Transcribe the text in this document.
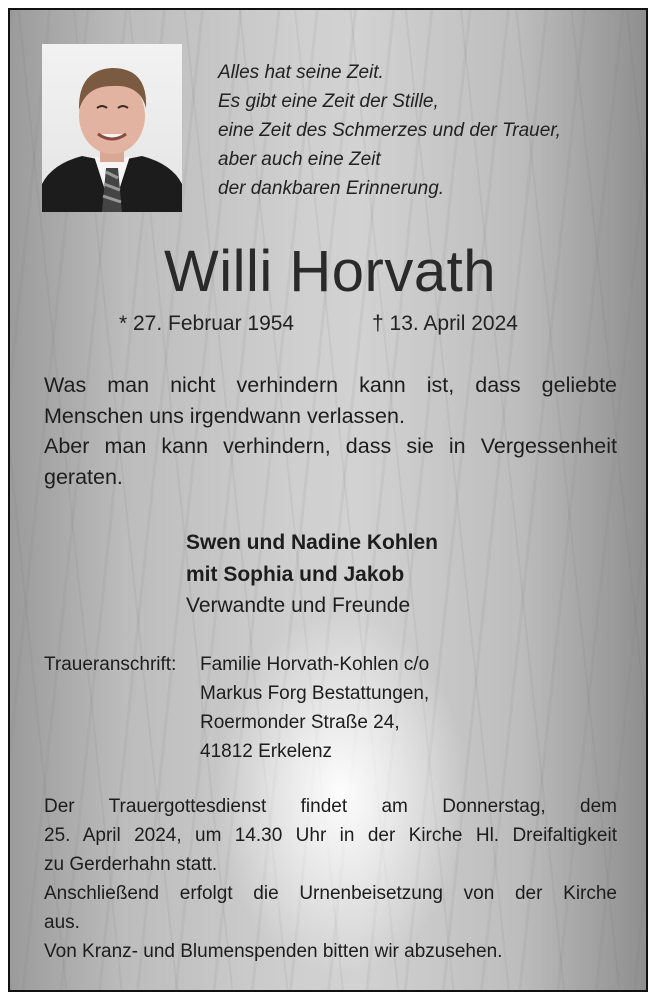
Alles hat seine Zeit.
Es gibt eine Zeit der Stille,
eine Zeit des Schmerzes und der Trauer,
aber auch eine Zeit
der dankbaren Erinnerung.
Willi Horvath
* 27. Februar 1954	† 13. April 2024
Was man nicht verhindern kann ist, dass geliebte
Menschen uns irgendwann verlassen.
Aber man kann verhindern, dass sie in Vergessenheit
geraten.
Swen und Nadine Kohlen
mit Sophia und Jakob
Verwandte und Freunde
Traueranschrift: Familie Horvath-Kohlen c/o
Markus Forg Bestattungen,
Roermonder Straße 24,
41812 Erkelenz
Der Trauergottesdienst findet am Donnerstag, dem
25. April 2024, um 14.30 Uhr in der Kirche Hl. Dreifaltigkeit
zu Gerderhahn statt.
Anschließend erfolgt die Urnenbeisetzung von der Kirche
aus.
Von Kranz- und Blumenspenden bitten wir abzusehen.
